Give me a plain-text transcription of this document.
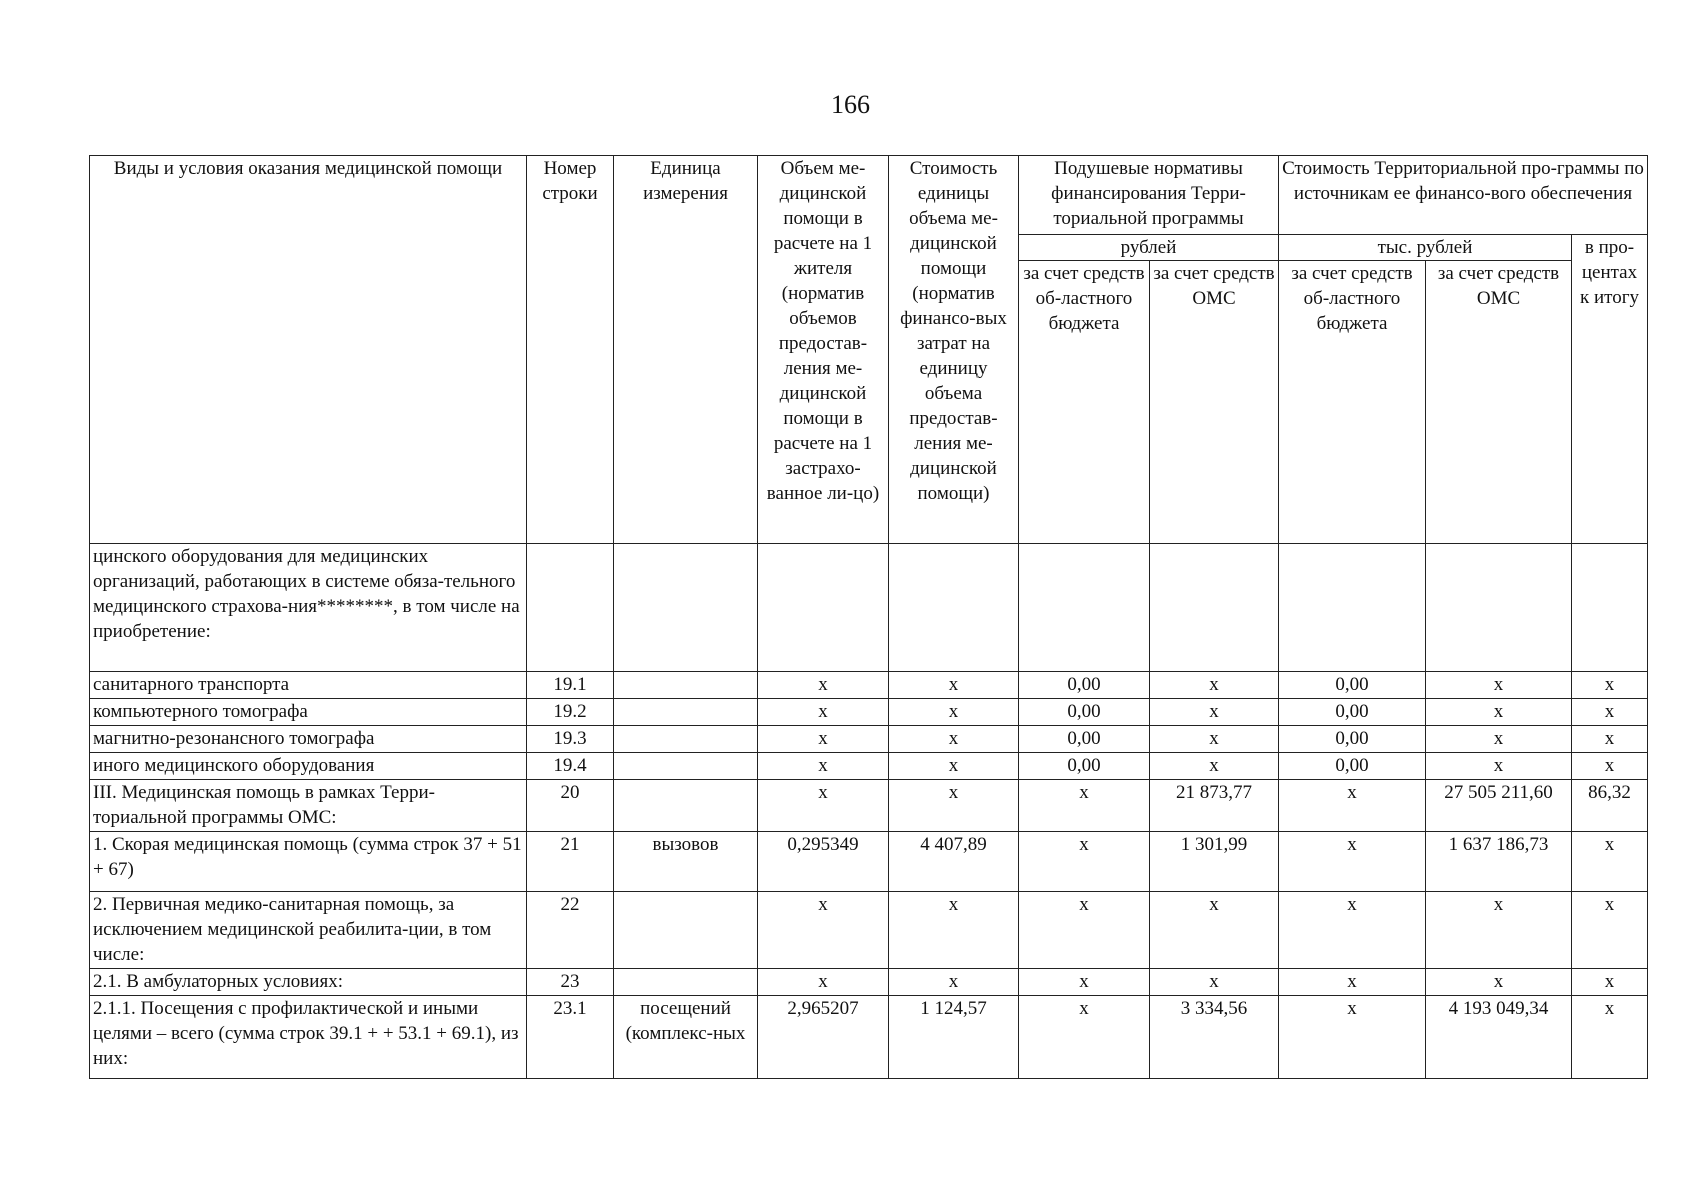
166
Виды и условия оказания медицинской помощи	Номер строки	Единица измерения	Объем ме-дицинской помощи в расчете на 1 жителя (норматив объемов предостав-ления ме-дицинской помощи в расчете на 1 застрахо-ванное ли-цо)	Стоимость единицы объема ме-дицинской помощи (норматив финансо-вых затрат на единицу объема предостав-ления ме-дицинской помощи)	Подушевые нормативы финансирования Терри-ториальной программы		Стоимость Территориальной про-граммы по источникам ее финансо-вого обеспечения		
					рублей		тыс. рублей		в про-центах к итогу
					за счет средств об-ластного бюджета	за счет средств ОМС	за счет средств об-ластного бюджета	за счет средств ОМС	
цинского оборудования для медицинских организаций, работающих в системе обяза-тельного медицинского страхова-ния********, в том числе на приобретение:									
санитарного транспорта	19.1		х	х	0,00	х	0,00	х	х
компьютерного томографа	19.2		х	х	0,00	х	0,00	х	х
магнитно-резонансного томографа	19.3		х	х	0,00	х	0,00	х	х
иного медицинского оборудования	19.4		х	х	0,00	х	0,00	х	х
III. Медицинская помощь в рамках Терри-ториальной программы ОМС:	20		х	х	х	21 873,77	х	27 505 211,60	86,32
1. Скорая медицинская помощь (сумма строк 37 + 51 + 67)	21	вызовов	0,295349	4 407,89	х	1 301,99	х	1 637 186,73	х
2. Первичная медико-санитарная помощь, за исключением медицинской реабилита-ции, в том числе:	22		х	х	х	х	х	х	х
2.1. В амбулаторных условиях:	23		х	х	х	х	х	х	х
2.1.1. Посещения с профилактической и иными целями – всего (сумма строк 39.1 + + 53.1 + 69.1), из них:	23.1	посещений (комплекс-ных	2,965207	1 124,57	х	3 334,56	х	4 193 049,34	х
